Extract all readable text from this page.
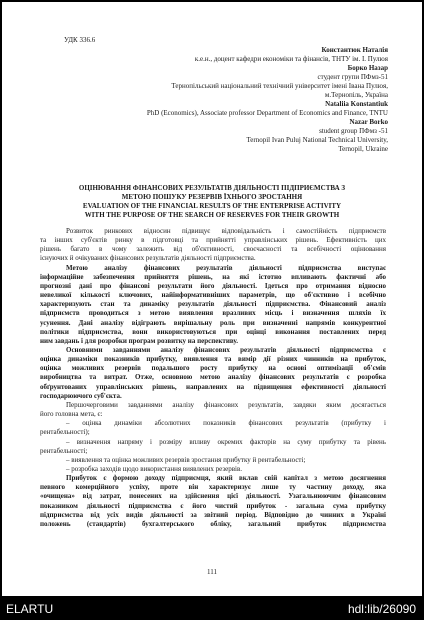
УДК 336.6
Константюк Наталія
к.е.н., доцент кафедри економіки та фінансів, ТНТУ ім. І. Пулюя
Борко Назар
студент групи ПФмз-51
Тернопільський національний технічний університет імені Івана Пулюя,
м.Тернопіль, Україна
Nataliia Konstantiuk
PhD (Economics), Associate professor Department of Economics and Finance, TNTU
Nazar Borko
student group ПФмз -51
Ternopil Ivan Puluj National Technical University,
Ternopil, Ukraine
ОЦІНЮВАННЯ ФІНАНСОВИХ РЕЗУЛЬТАТІВ ДІЯЛЬНОСТІ ПІДПРИЄМСТВА З
МЕТОЮ ПОШУКУ РЕЗЕРВІВ ЇХНЬОГО ЗРОСТАННЯ
EVALUATION OF THE FINANCIAL RESULTS OF THE ENTERPRISE ACTIVITY
WITH THE PURPOSE OF THE SEARCH OF RESERVES FOR THEIR GROWTH
Розвиток ринкових відносин підвищує відповідальність і самостійність підприємств
та інших суб'єктів ринку в підготовці та прийнятті управлінських рішень. Ефективність цих
рішень багато в чому залежить від об'єктивності, своєчасності та всебічності оцінювання
існуючих й очікуваних фінансових результатів діяльності підприємства.
Метою аналізу фінансових результатів діяльності підприємства виступає
інформаційне забезпечення прийняття рішень, на які істотно впливають фактичні або
прогнозні дані про фінансові результати його діяльності. Ідеться про отримання відносно
невеликої кількості ключових, найінформативніших параметрів, що об'єктивно і всебічно
характеризують стан та динаміку результатів діяльності підприємства. Фінансовий аналіз
підприємств проводиться з метою виявлення вразливих місць і визначення шляхів їх
усунення. Дані аналізу відіграють вирішальну роль при визначенні напрямів конкурентної
політики підприємства, вони використовуються при оцінці виконання поставлених перед
ним завдань і для розробки програм розвитку на перспективу.
Основними завданнями аналізу фінансових результатів діяльності підприємства є
оцінка динаміки показників прибутку, виявлення та вимір дії різних чинників на прибуток,
оцінка можливих резервів подальшого росту прибутку на основі оптимізації об'ємів
виробництва та витрат. Отже, основною метою аналізу фінансових результатів є розробка
обґрунтованих управлінських рішень, направлених на підвищення ефективності діяльності
господарюючого суб'єкта.
Першочерговими завданнями аналізу фінансових результатів, завдяки яким досягається
його головна мета, є:
– оцінка динаміки абсолютних показників фінансових результатів (прибутку і
рентабельності);
– визначення напряму і розміру впливу окремих факторів на суму прибутку та рівень
рентабельності;
– виявлення та оцінка можливих резервів зростання прибутку й рентабельності;
– розробка заходів щодо використання виявлених резервів.
Прибуток є формою доходу підприємця, який вклав свій капітал з метою досягнення
певного комерційного успіху, проте він характеризує лише ту частину доходу, яка
«очищена» від затрат, понесених на здійснення цієї діяльності. Узагальнюючим фінансовим
показником діяльності підприємства є його чистий прибуток - загальна сума прибутку
підприємства від усіх видів діяльності за звітний період. Відповідно до чинних в Україні
положень (стандартів) бухгалтерського обліку, загальний прибуток підприємства
111
ELARTU	hdl:lib/26090
